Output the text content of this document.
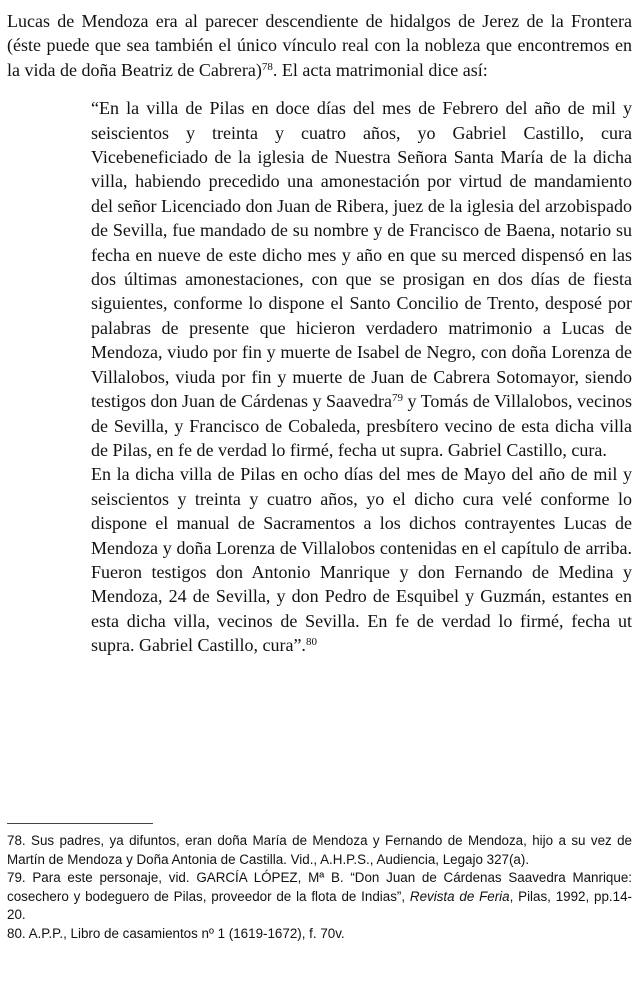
Lucas de Mendoza era al parecer descendiente de hidalgos de Jerez de la Frontera (éste puede que sea también el único vínculo real con la nobleza que encontremos en la vida de doña Beatriz de Cabrera)$^{78}$. El acta matrimonial dice así:

“En la villa de Pilas en doce días del mes de Febrero del año de mil y seiscientos y treinta y cuatro años, yo Gabriel Castillo, cura Vicebeneficiado de la iglesia de Nuestra Señora Santa María de la dicha villa, habiendo precedido una amonestación por virtud de mandamiento del señor Licenciado don Juan de Ribera, juez de la iglesia del arzobispado de Sevilla, fue mandado de su nombre y de Francisco de Baena, notario su fecha en nueve de este dicho mes y año en que su merced dispensó en las dos últimas amonestaciones, con que se prosigan en dos días de fiesta siguientes, conforme lo dispone el Santo Concilio de Trento, desposé por palabras de presente que hicieron verdadero matrimonio a Lucas de Mendoza, viudo por fin y muerte de Isabel de Negro, con doña Lorenza de Villalobos, viuda por fin y muerte de Juan de Cabrera Sotomayor, siendo testigos don Juan de Cárdenas y Saavedra$^{79}$ y Tomás de Villalobos, vecinos de Sevilla, y Francisco de Cobaleda, presbítero vecino de esta dicha villa de Pilas, en fe de verdad lo firmé, fecha ut supra. Gabriel Castillo, cura.

En la dicha villa de Pilas en ocho días del mes de Mayo del año de mil y seiscientos y treinta y cuatro años, yo el dicho cura velé conforme lo dispone el manual de Sacramentos a los dichos contrayentes Lucas de Mendoza y doña Lorenza de Villalobos contenidas en el capítulo de arriba. Fueron testigos don Antonio Manrique y don Fernando de Medina y Mendoza, 24 de Sevilla, y don Pedro de Esquibel y Guzmán, estantes en esta dicha villa, vecinos de Sevilla. En fe de verdad lo firmé, fecha ut supra. Gabriel Castillo, cura”.$^{80}$

78. Sus padres, ya difuntos, eran doña María de Mendoza y Fernando de Mendoza, hijo a su vez de Martín de Mendoza y Doña Antonia de Castilla. Vid., A.H.P.S., Audiencia, Legajo 327(a).

79. Para este personaje, vid. GARCÍA LÓPEZ, Mª B. “Don Juan de Cárdenas Saavedra Manrique: cosechero y bodeguero de Pilas, proveedor de la flota de Indias”, Revista de Feria, Pilas, 1992, pp.14-20.

80. A.P.P., Libro de casamientos nº 1 (1619-1672), f. 70v.
